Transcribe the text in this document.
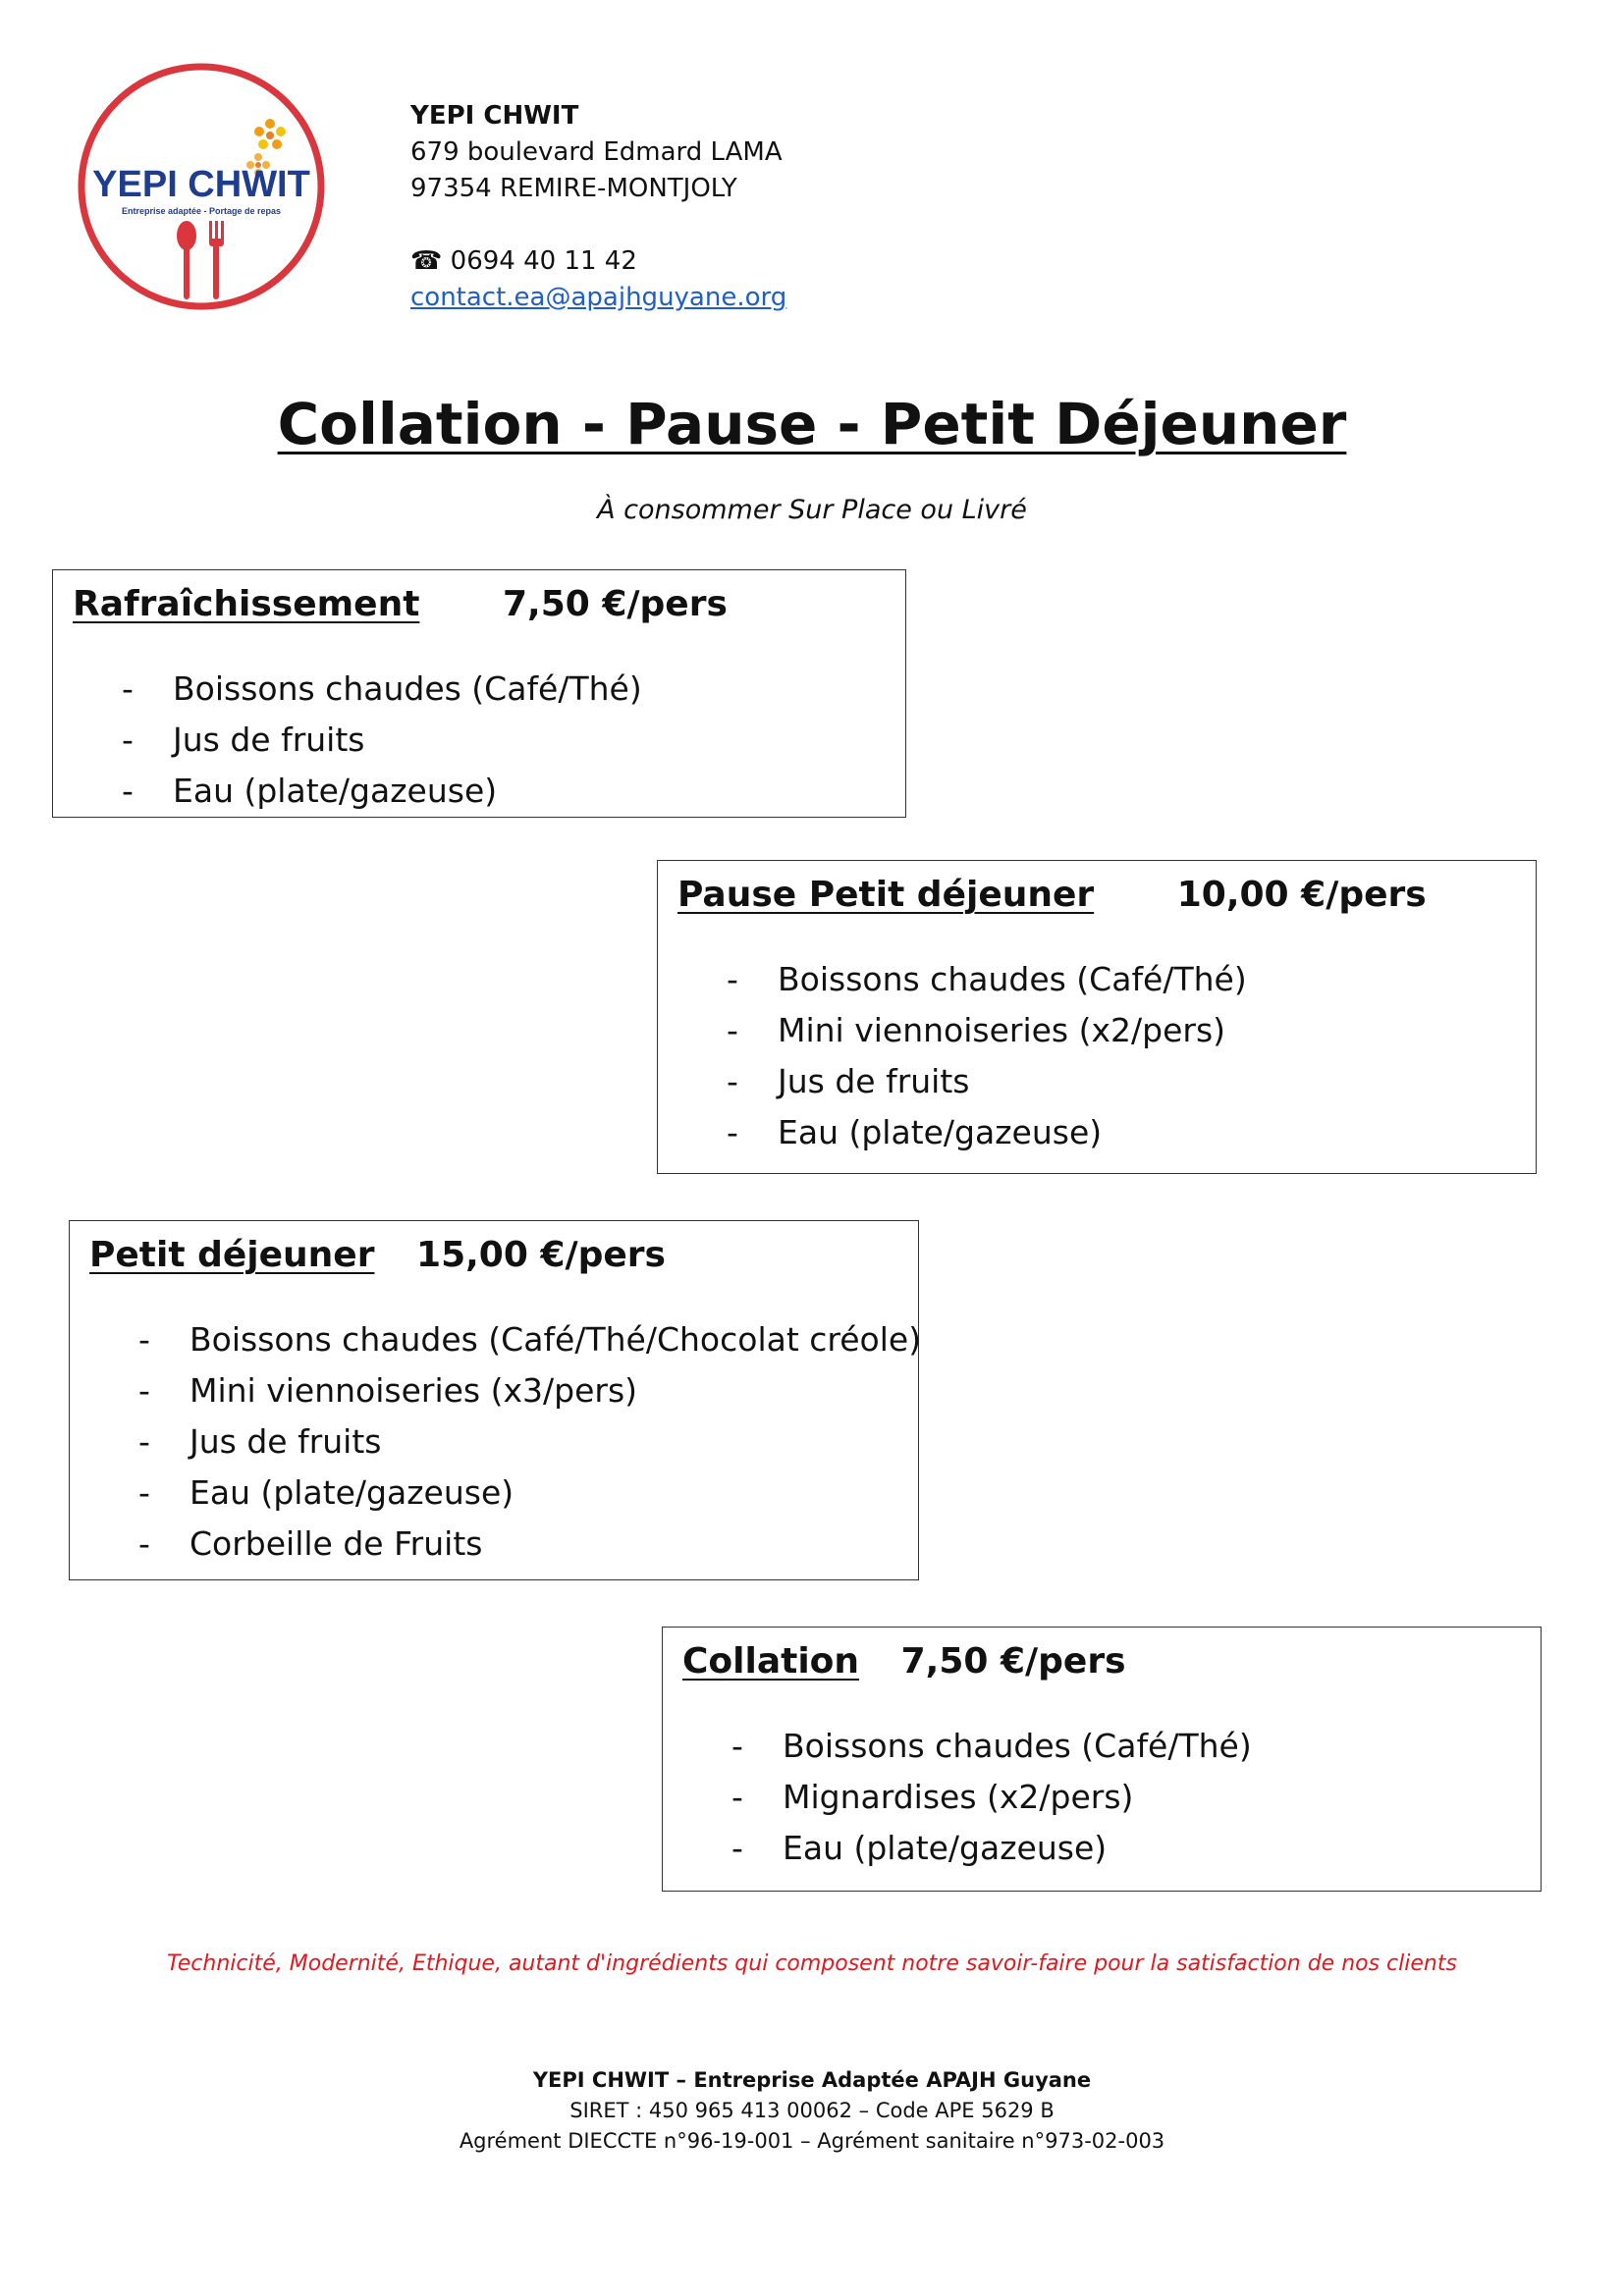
YEPI CHWIT
Entreprise adaptée - Portage de repas
YEPI CHWIT
679 boulevard Edmard LAMA
97354 REMIRE-MONTJOLY
☎ 0694 40 11 42
contact.ea@apajhguyane.org
Collation - Pause - Petit Déjeuner
À consommer Sur Place ou Livré
Rafraîchissement 7,50 €/pers
- Boissons chaudes (Café/Thé)
- Jus de fruits
- Eau (plate/gazeuse)
Pause Petit déjeuner 10,00 €/pers
- Boissons chaudes (Café/Thé)
- Mini viennoiseries (x2/pers)
- Jus de fruits
- Eau (plate/gazeuse)
Petit déjeuner 15,00 €/pers
- Boissons chaudes (Café/Thé/Chocolat créole)
- Mini viennoiseries (x3/pers)
- Jus de fruits
- Eau (plate/gazeuse)
- Corbeille de Fruits
Collation 7,50 €/pers
- Boissons chaudes (Café/Thé)
- Mignardises (x2/pers)
- Eau (plate/gazeuse)
Technicité, Modernité, Ethique, autant d'ingrédients qui composent notre savoir-faire pour la satisfaction de nos clients
YEPI CHWIT – Entreprise Adaptée APAJH Guyane
SIRET : 450 965 413 00062 – Code APE 5629 B
Agrément DIECCTE n°96-19-001 – Agrément sanitaire n°973-02-003
